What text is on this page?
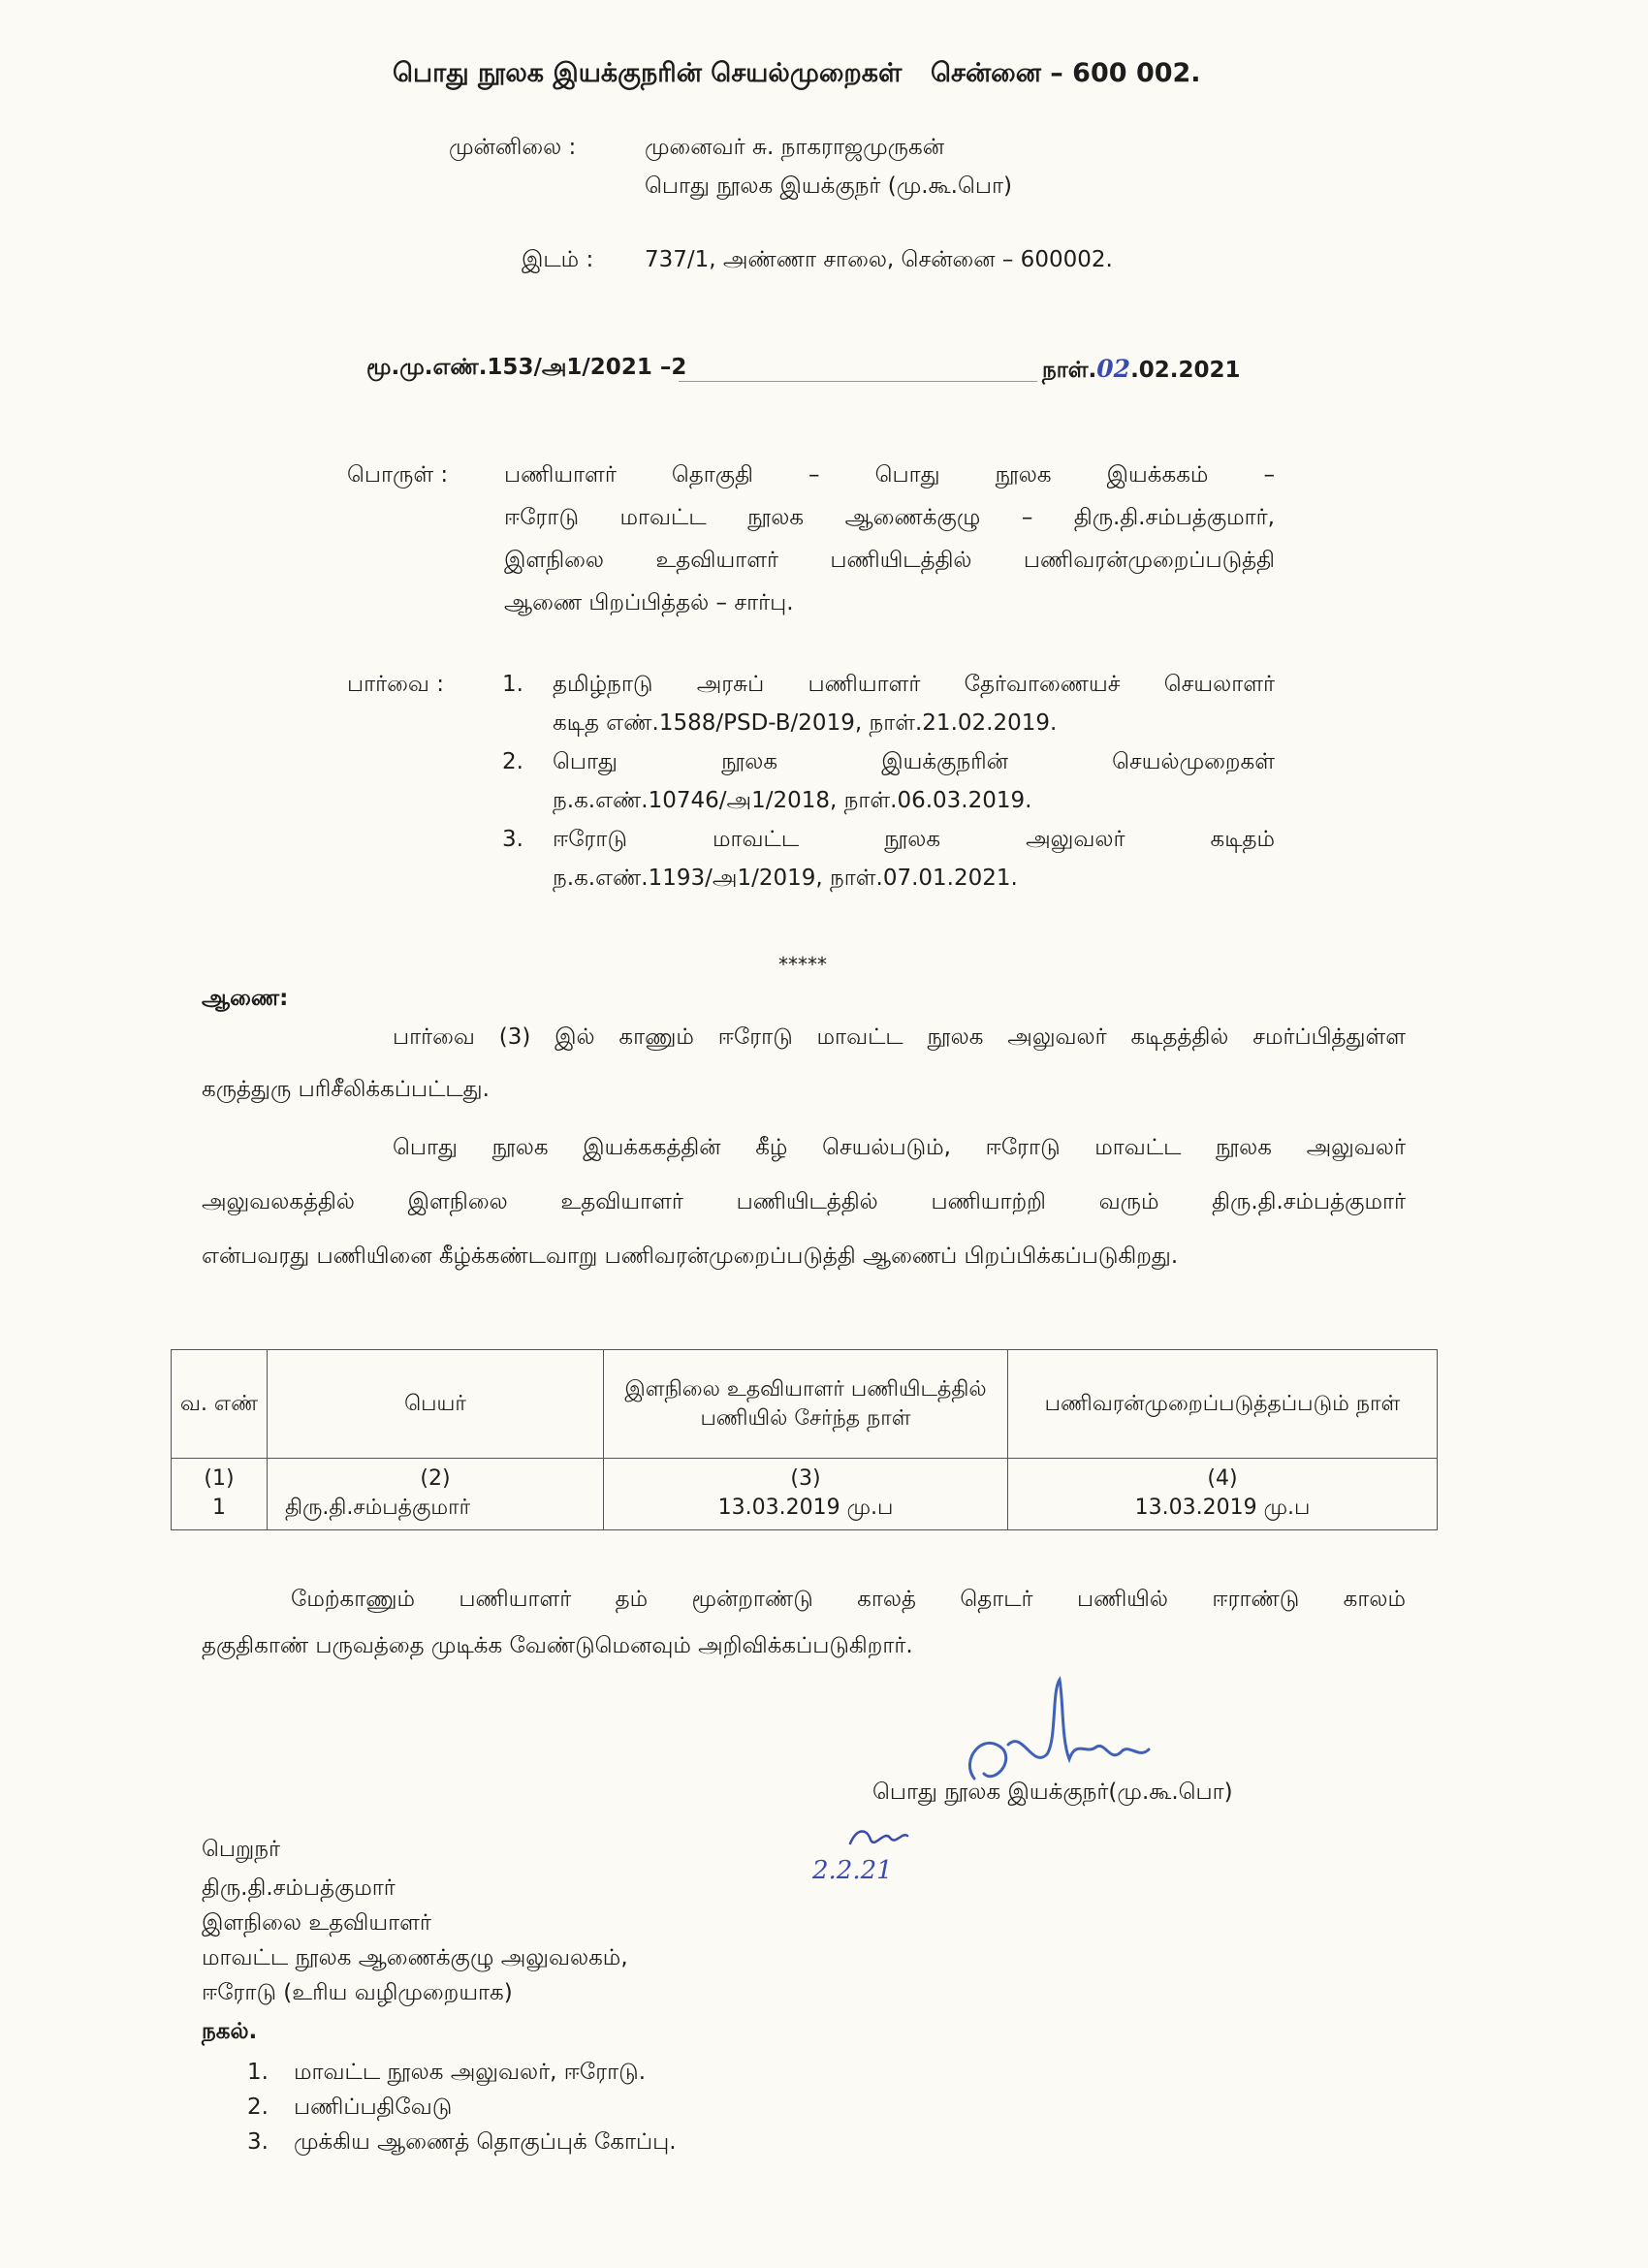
பொது நூலக இயக்குநரின் செயல்முறைகள் சென்னை – 600 002.
முன்னிலை :	முனைவர் சு. நாகராஜமுருகன்
பொது நூலக இயக்குநர் (மு.கூ.பொ)
இடம் : 737/1, அண்ணா சாலை, சென்னை – 600002.
மூ.மு.எண்.153/அ1/2021 –2	நாள்.02.02.2021
பொருள் :	பணியாளர் தொகுதி – பொது நூலக இயக்ககம் –
ஈரோடு மாவட்ட நூலக ஆணைக்குழு – திரு.தி.சம்பத்குமார்,
இளநிலை உதவியாளர் பணியிடத்தில் பணிவரன்முறைப்படுத்தி
ஆணை பிறப்பித்தல் – சார்பு.
பார்வை :	1. தமிழ்நாடு அரசுப் பணியாளர் தேர்வாணையச் செயலாளர்
கடித எண்.1588/PSD-B/2019, நாள்.21.02.2019.
2. பொது நூலக இயக்குநரின் செயல்முறைகள்
ந.க.எண்.10746/அ1/2018, நாள்.06.03.2019.
3. ஈரோடு மாவட்ட நூலக அலுவலர் கடிதம்
ந.க.எண்.1193/அ1/2019, நாள்.07.01.2021.
*****
ஆணை:
பார்வை (3) இல் காணும் ஈரோடு மாவட்ட நூலக அலுவலர் கடிதத்தில் சமர்ப்பித்துள்ள
கருத்துரு பரிசீலிக்கப்பட்டது.
பொது நூலக இயக்ககத்தின் கீழ் செயல்படும், ஈரோடு மாவட்ட நூலக அலுவலர்
அலுவலகத்தில் இளநிலை உதவியாளர் பணியிடத்தில் பணியாற்றி வரும் திரு.தி.சம்பத்குமார்
என்பவரது பணியினை கீழ்க்கண்டவாறு பணிவரன்முறைப்படுத்தி ஆணைப் பிறப்பிக்கப்படுகிறது.
வ. எண்	பெயர்	இளநிலை உதவியாளர் பணியிடத்தில் பணியில் சேர்ந்த நாள்	பணிவரன்முறைப்படுத்தப்படும் நாள்
(1)	(2)	(3)	(4)
1	திரு.தி.சம்பத்குமார்	13.03.2019 மு.ப	13.03.2019 மு.ப
மேற்காணும் பணியாளர் தம் மூன்றாண்டு காலத் தொடர் பணியில் ஈராண்டு காலம்
தகுதிகாண் பருவத்தை முடிக்க வேண்டுமெனவும் அறிவிக்கப்படுகிறார்.
பொது நூலக இயக்குநர்(மு.கூ.பொ)
2.2.21
பெறுநர்
திரு.தி.சம்பத்குமார்
இளநிலை உதவியாளர்
மாவட்ட நூலக ஆணைக்குழு அலுவலகம்,
ஈரோடு (உரிய வழிமுறையாக)
நகல்.
1. மாவட்ட நூலக அலுவலர், ஈரோடு.
2. பணிப்பதிவேடு
3. முக்கிய ஆணைத் தொகுப்புக் கோப்பு.
